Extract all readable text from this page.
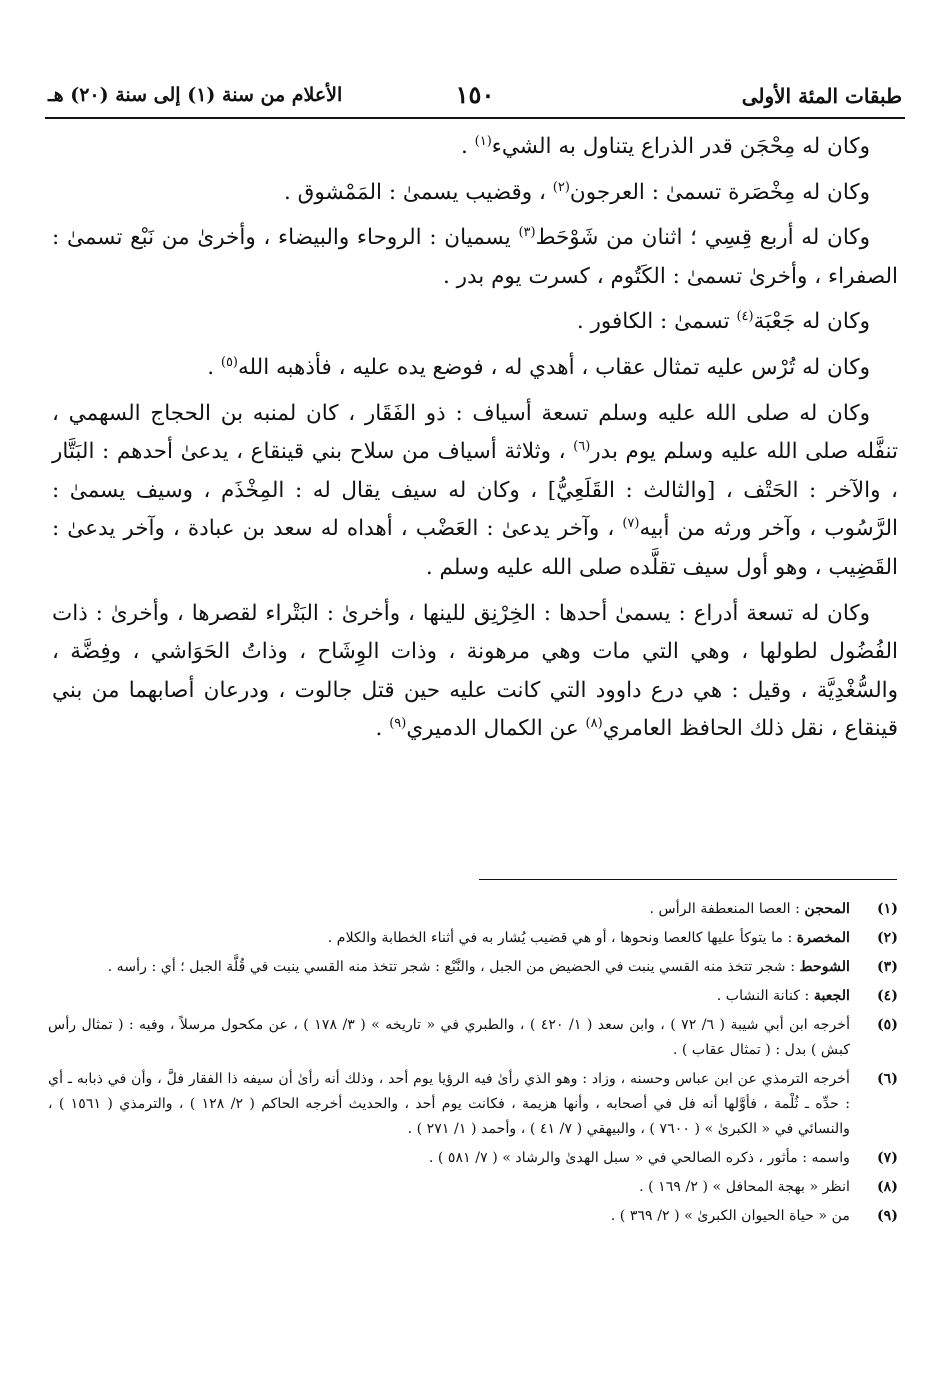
طبقات المئة الأولى
١٥٠
الأعلام من سنة (١) إلى سنة (٢٠) هـ

وكان له مِحْجَن قدر الذراع يتناول به الشيء$^{(١)}$ .

وكان له مِخْصَرة تسمىٰ : العرجون$^{(٢)}$ ، وقضيب يسمىٰ : المَمْشوق .

وكان له أربع قِسِي ؛ اثنان من شَوْحَط$^{(٣)}$ يسميان : الروحاء والبيضاء ، وأخرىٰ من نَبْع تسمىٰ : الصفراء ، وأخرىٰ تسمىٰ : الكَتُوم ، كسرت يوم بدر .

وكان له جَعْبَة$^{(٤)}$ تسمىٰ : الكافور .

وكان له تُرْس عليه تمثال عقاب ، أهدي له ، فوضع يده عليه ، فأذهبه الله$^{(٥)}$ .

وكان له صلى الله عليه وسلم تسعة أسياف : ذو الفَقَار ، كان لمنبه بن الحجاج السهمي ، تنفَّله صلى الله عليه وسلم يوم بدر$^{(٦)}$ ، وثلاثة أسياف من سلاح بني قينقاع ، يدعىٰ أحدهم : البَتَّار ، والآخر : الحَتْف ، [والثالث : القَلَعِيُّ] ، وكان له سيف يقال له : المِخْذَم ، وسيف يسمىٰ : الرَّسُوب ، وآخر ورثه من أبيه$^{(٧)}$ ، وآخر يدعىٰ : العَضْب ، أهداه له سعد بن عبادة ، وآخر يدعىٰ : القَضِيب ، وهو أول سيف تقلَّده صلى الله عليه وسلم .

وكان له تسعة أدراع : يسمىٰ أحدها : الخِرْنِق للينها ، وأخرىٰ : البَتْراء لقصرها ، وأخرىٰ : ذات الفُضُول لطولها ، وهي التي مات وهي مرهونة ، وذات الوِشَاح ، وذاتُ الحَوَاشي ، وفِضَّة ، والسُّغْدِيَّة ، وقيل : هي درع داوود التي كانت عليه حين قتل جالوت ، ودرعان أصابهما من بني قينقاع ، نقل ذلك الحافظ العامري$^{(٨)}$ عن الكمال الدميري$^{(٩)}$ .

(١)
المحجن : العصا المنعطفة الرأس .
(٢)
المخصرة : ما يتوكأ عليها كالعصا ونحوها ، أو هي قضيب يُشار به في أثناء الخطابة والكلام .
(٣)
الشوحط : شجر تتخذ منه القسي ينبت في الحضيض من الجبل ، والنَّبْع : شجر تتخذ منه القسي ينبت في قُلَّة الجبل ؛ أي : رأسه .
(٤)
الجعبة : كنانة النشاب .
(٥)
أخرجه ابن أبي شيبة ( ٦/ ٧٢ ) ، وابن سعد ( ١/ ٤٢٠ ) ، والطبري في « تاريخه » ( ٣/ ١٧٨ ) ، عن مكحول مرسلاً ، وفيه : ( تمثال رأس كبش ) بدل : ( تمثال عقاب ) .
(٦)
أخرجه الترمذي عن ابن عباس وحسنه ، وزاد : وهو الذي رأىٰ فيه الرؤيا يوم أحد ، وذلك أنه رأىٰ أن سيفه ذا الفقار فلَّ ، وأن في ذبابه ـ أي : حدِّه ـ ثُلْمة ، فأوَّلها أنه فل في أصحابه ، وأنها هزيمة ، فكانت يوم أحد ، والحديث أخرجه الحاكم ( ٢/ ١٢٨ ) ، والترمذي ( ١٥٦١ ) ، والنسائي في « الكبرىٰ » ( ٧٦٠٠ ) ، والبيهقي ( ٧/ ٤١ ) ، وأحمد ( ١/ ٢٧١ ) .
(٧)
واسمه : مأثور ، ذكره الصالحي في « سبل الهدىٰ والرشاد » ( ٧/ ٥٨١ ) .
(٨)
انظر « بهجة المحافل » ( ٢/ ١٦٩ ) .
(٩)
من « حياة الحيوان الكبرىٰ » ( ٢/ ٣٦٩ ) .
